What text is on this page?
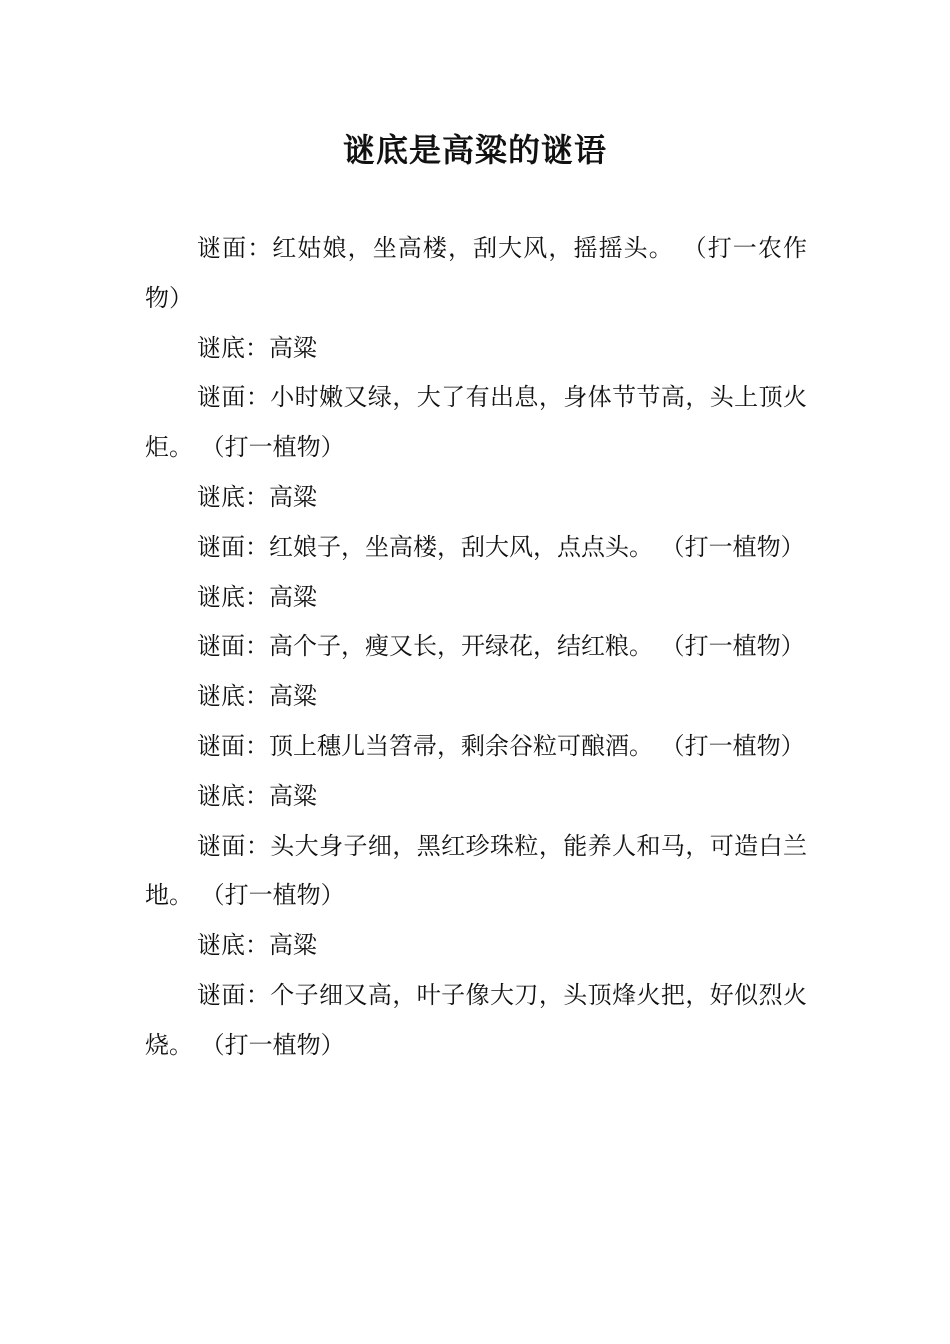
谜底是高粱的谜语

谜面：红姑娘，坐高楼，刮大风，摇摇头。 （打一农作物）

谜底：高粱

谜面：小时嫩又绿，大了有出息，身体节节高，头上顶火炬。 （打一植物）

谜底：高粱

谜面：红娘子，坐高楼，刮大风，点点头。 （打一植物）

谜底：高粱

谜面：高个子，瘦又长，开绿花，结红粮。 （打一植物）

谜底：高粱

谜面：顶上穗儿当笤帚，剩余谷粒可酿酒。 （打一植物）

谜底：高粱

谜面：头大身子细，黑红珍珠粒，能养人和马，可造白兰地。 （打一植物）

谜底：高粱

谜面：个子细又高，叶子像大刀，头顶烽火把，好似烈火烧。 （打一植物）
